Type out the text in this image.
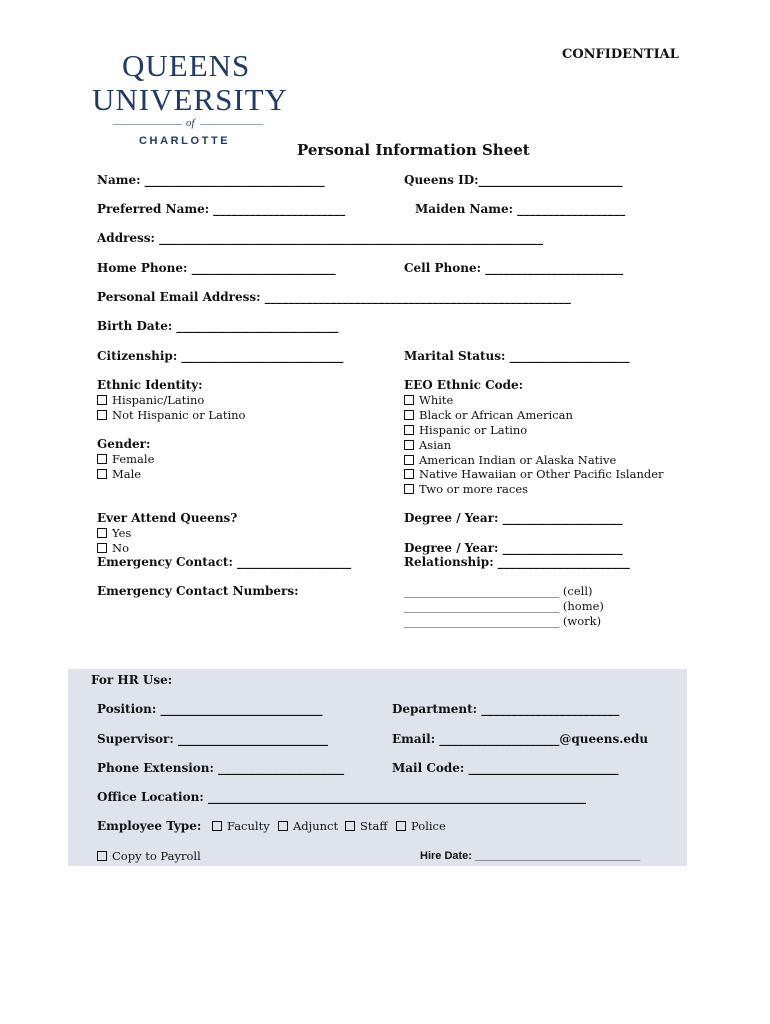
QUEENS
UNIVERSITY
of
CHARLOTTE
CONFIDENTIAL
Personal Information Sheet
Name: ______________________________	Queens ID:________________________
Preferred Name: ______________________	Maiden Name: __________________
Address: ________________________________________________________________
Home Phone: ________________________	Cell Phone: _______________________
Personal Email Address: ___________________________________________________
Birth Date: ___________________________
Citizenship: ___________________________	Marital Status: ____________________
Ethnic Identity:
Hispanic/Latino
Not Hispanic or Latino
Gender:
Female
Male
EEO Ethnic Code:
White
Black or African American
Hispanic or Latino
Asian
American Indian or Alaska Native
Native Hawaiian or Other Pacific Islander
Two or more races
Ever Attend Queens?
Yes
No
Emergency Contact: ___________________
Degree / Year: ____________________
Degree / Year: ____________________
Relationship: ______________________
Emergency Contact Numbers:	___________________________ (cell)
___________________________ (home)
___________________________ (work)
For HR Use:
Position: ___________________________	Department: _______________________
Supervisor: _________________________	Email: ____________________@queens.edu
Phone Extension: _____________________	Mail Code: _________________________
Office Location: _______________________________________________________________
Employee Type:	Faculty	Adjunct	Staff	Police
Copy to Payroll	Hire Date: ___________________________
